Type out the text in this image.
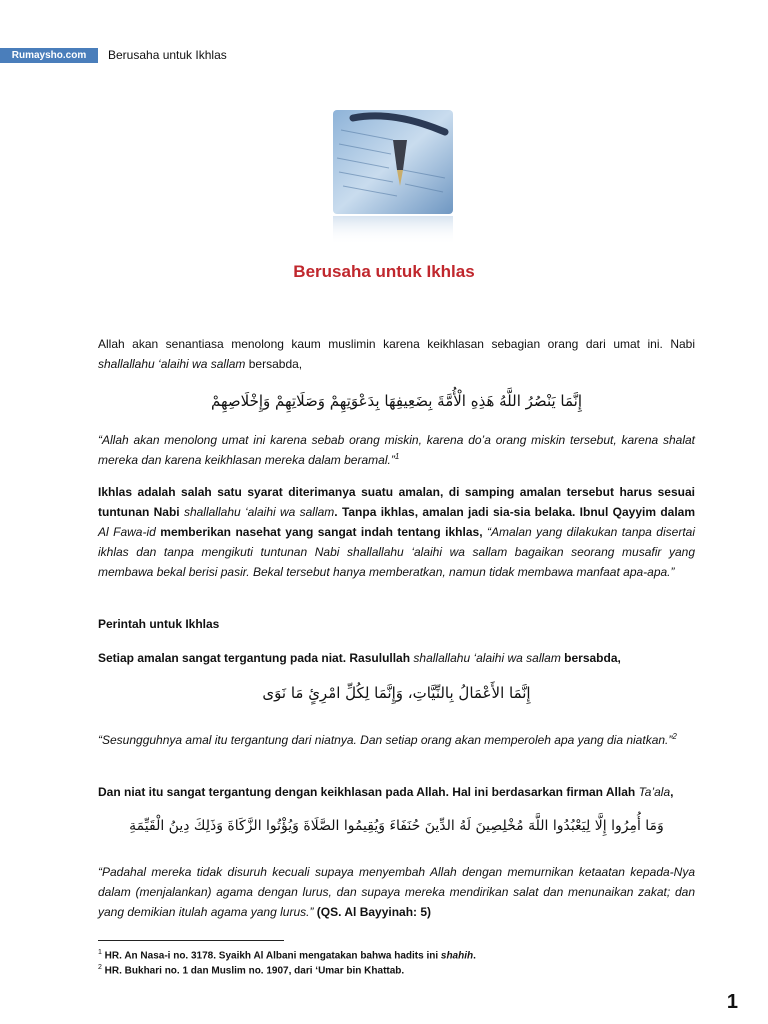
Rumaysho.com	Berusaha untuk Ikhlas
Berusaha untuk Ikhlas

Allah akan senantiasa menolong kaum muslimin karena keikhlasan sebagian orang dari umat ini. Nabi shallallahu ‘alaihi wa sallam bersabda,

إِنَّمَا يَنْصُرُ اللَّهُ هَذِهِ الْأُمَّةَ بِضَعِيفِهَا بِدَعْوَتِهِمْ وَصَلَاتِهِمْ وَإِخْلَاصِهِمْ

“Allah akan menolong umat ini karena sebab orang miskin, karena do’a orang miskin tersebut, karena shalat mereka dan karena keikhlasan mereka dalam beramal.”$^1$

Ikhlas adalah salah satu syarat diterimanya suatu amalan, di samping amalan tersebut harus sesuai tuntunan Nabi shallallahu ‘alaihi wa sallam. Tanpa ikhlas, amalan jadi sia-sia belaka. Ibnul Qayyim dalam Al Fawa-id memberikan nasehat yang sangat indah tentang ikhlas, “Amalan yang dilakukan tanpa disertai ikhlas dan tanpa mengikuti tuntunan Nabi shallallahu ‘alaihi wa sallam bagaikan seorang musafir yang membawa bekal berisi pasir. Bekal tersebut hanya memberatkan, namun tidak membawa manfaat apa-apa.”

Perintah untuk Ikhlas

Setiap amalan sangat tergantung pada niat. Rasulullah shallallahu ‘alaihi wa sallam bersabda,

إِنَّمَا الأَعْمَالُ بِالنِّيَّاتِ، وَإِنَّمَا لِكُلِّ امْرِئٍ مَا نَوَى

“Sesungguhnya amal itu tergantung dari niatnya. Dan setiap orang akan memperoleh apa yang dia niatkan.”$^2$

Dan niat itu sangat tergantung dengan keikhlasan pada Allah. Hal ini berdasarkan firman Allah Ta’ala,

وَمَا أُمِرُوا إِلَّا لِيَعْبُدُوا اللَّهَ مُخْلِصِينَ لَهُ الدِّينَ حُنَفَاءَ وَيُقِيمُوا الصَّلَاةَ وَيُؤْتُوا الزَّكَاةَ وَذَلِكَ دِينُ الْقَيِّمَةِ

“Padahal mereka tidak disuruh kecuali supaya menyembah Allah dengan memurnikan ketaatan kepada-Nya dalam (menjalankan) agama dengan lurus, dan supaya mereka mendirikan salat dan menunaikan zakat; dan yang demikian itulah agama yang lurus.” (QS. Al Bayyinah: 5)

$^1$ HR. An Nasa-i no. 3178. Syaikh Al Albani mengatakan bahwa hadits ini shahih.
$^2$ HR. Bukhari no. 1 dan Muslim no. 1907, dari ‘Umar bin Khattab.
1
